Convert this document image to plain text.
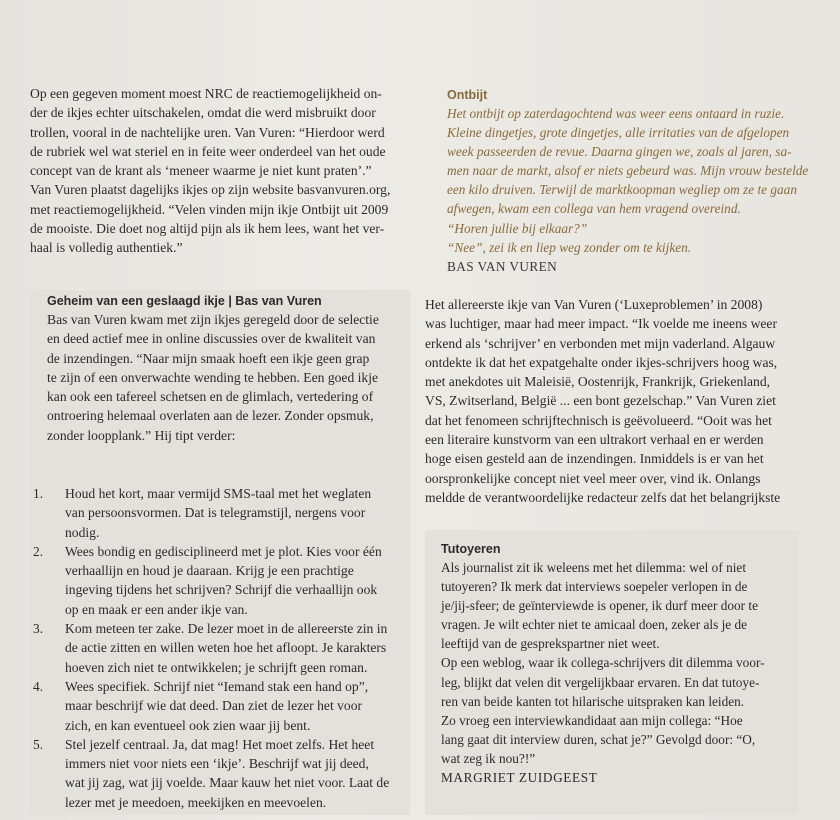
Op een gegeven moment moest NRC de reactiemogelijkheid on-
der de ikjes echter uitschakelen, omdat die werd misbruikt door
trollen, vooral in de nachtelijke uren. Van Vuren: “Hierdoor werd
de rubriek wel wat steriel en in feite weer onderdeel van het oude
concept van de krant als ‘meneer waarme je niet kunt praten’.”
Van Vuren plaatst dagelijks ikjes op zijn website basvanvuren.org,
met reactiemogelijkheid. “Velen vinden mijn ikje Ontbijt uit 2009
de mooiste. Die doet nog altijd pijn als ik hem lees, want het ver-
haal is volledig authentiek.”
Ontbijt
Het ontbijt op zaterdagochtend was weer eens ontaard in ruzie.
Kleine dingetjes, grote dingetjes, alle irritaties van de afgelopen
week passeerden de revue. Daarna gingen we, zoals al jaren, sa-
men naar de markt, alsof er niets gebeurd was. Mijn vrouw bestelde
een kilo druiven. Terwijl de marktkoopman wegliep om ze te gaan
afwegen, kwam een collega van hem vragend overeind.
“Horen jullie bij elkaar?”
“Nee”, zei ik en liep weg zonder om te kijken.
BAS VAN VUREN
Geheim van een geslaagd ikje | Bas van Vuren
Bas van Vuren kwam met zijn ikjes geregeld door de selectie
en deed actief mee in online discussies over de kwaliteit van
de inzendingen. “Naar mijn smaak hoeft een ikje geen grap
te zijn of een onverwachte wending te hebben. Een goed ikje
kan ook een tafereel schetsen en de glimlach, vertedering of
ontroering helemaal overlaten aan de lezer. Zonder opsmuk,
zonder loopplank.” Hij tipt verder:
1. Houd het kort, maar vermijd SMS-taal met het weglaten
van persoonsvormen. Dat is telegramstijl, nergens voor
nodig.
2. Wees bondig en gedisciplineerd met je plot. Kies voor één
verhaallijn en houd je daaraan. Krijg je een prachtige
ingeving tijdens het schrijven? Schrijf die verhaallijn ook
op en maak er een ander ikje van.
3. Kom meteen ter zake. De lezer moet in de allereerste zin in
de actie zitten en willen weten hoe het afloopt. Je karakters
hoeven zich niet te ontwikkelen; je schrijft geen roman.
4. Wees specifiek. Schrijf niet “Iemand stak een hand op”,
maar beschrijf wie dat deed. Dan ziet de lezer het voor
zich, en kan eventueel ook zien waar jij bent.
5. Stel jezelf centraal. Ja, dat mag! Het moet zelfs. Het heet
immers niet voor niets een ‘ikje’. Beschrijf wat jij deed,
wat jij zag, wat jij voelde. Maar kauw het niet voor. Laat de
lezer met je meedoen, meekijken en meevoelen.
Het allereerste ikje van Van Vuren (‘Luxeproblemen’ in 2008)
was luchtiger, maar had meer impact. “Ik voelde me ineens weer
erkend als ‘schrijver’ en verbonden met mijn vaderland. Algauw
ontdekte ik dat het expatgehalte onder ikjes-schrijvers hoog was,
met anekdotes uit Maleisië, Oostenrijk, Frankrijk, Griekenland,
VS, Zwitserland, België ... een bont gezelschap.” Van Vuren ziet
dat het fenomeen schrijftechnisch is geëvolueerd. “Ooit was het
een literaire kunstvorm van een ultrakort verhaal en er werden
hoge eisen gesteld aan de inzendingen. Inmiddels is er van het
oorspronkelijke concept niet veel meer over, vind ik. Onlangs
meldde de verantwoordelijke redacteur zelfs dat het belangrijkste
Tutoyeren
Als journalist zit ik weleens met het dilemma: wel of niet
tutoyeren? Ik merk dat interviews soepeler verlopen in de
je/jij-sfeer; de geïnterviewde is opener, ik durf meer door te
vragen. Je wilt echter niet te amicaal doen, zeker als je de
leeftijd van de gesprekspartner niet weet.
Op een weblog, waar ik collega-schrijvers dit dilemma voor-
leg, blijkt dat velen dit vergelijkbaar ervaren. En dat tutoye-
ren van beide kanten tot hilarische uitspraken kan leiden.
Zo vroeg een interviewkandidaat aan mijn collega: “Hoe
lang gaat dit interview duren, schat je?” Gevolgd door: “O,
wat zeg ik nou?!”
MARGRIET ZUIDGEEST
